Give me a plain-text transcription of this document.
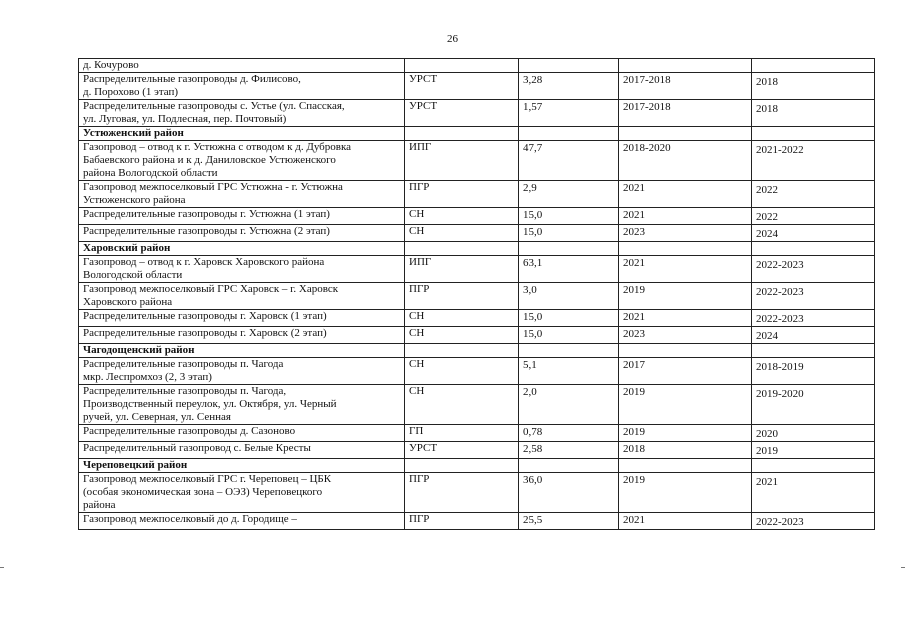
26
д. Кочурово				
Распределительные газопроводы д. Филисово,
д. Порохово (1 этап)	УРСТ	3,28	2017-2018	2018
Распределительные газопроводы с. Устье (ул. Спасская,
ул. Луговая, ул. Подлесная, пер. Почтовый)	УРСТ	1,57	2017-2018	2018
Устюженский район				
Газопровод – отвод к г. Устюжна с отводом к д. Дубровка
Бабаевского района и к д. Даниловское Устюженского
района Вологодской области	ИПГ	47,7	2018-2020	2021-2022
Газопровод межпоселковый ГРС Устюжна - г. Устюжна
Устюженского района	ПГР	2,9	2021	2022
Распределительные газопроводы г. Устюжна (1 этап)	СН	15,0	2021	2022
Распределительные газопроводы г. Устюжна (2 этап)	СН	15,0	2023	2024
Харовский район				
Газопровод – отвод к г. Харовск Харовского района
Вологодской области	ИПГ	63,1	2021	2022-2023
Газопровод межпоселковый ГРС Харовск – г. Харовск
Харовского района	ПГР	3,0	2019	2022-2023
Распределительные газопроводы г. Харовск (1 этап)	СН	15,0	2021	2022-2023
Распределительные газопроводы г. Харовск (2 этап)	СН	15,0	2023	2024
Чагодощенский район				
Распределительные газопроводы п. Чагода
мкр. Леспромхоз (2, 3 этап)	СН	5,1	2017	2018-2019
Распределительные газопроводы п. Чагода,
Производственный переулок, ул. Октября, ул. Черный
ручей, ул. Северная, ул. Сенная	СН	2,0	2019	2019-2020
Распределительные газопроводы д. Сазоново	ГП	0,78	2019	2020
Распределительный газопровод с. Белые Кресты	УРСТ	2,58	2018	2019
Череповецкий район				
Газопровод межпоселковый ГРС г. Череповец – ЦБК
(особая экономическая зона – ОЭЗ) Череповецкого
района	ПГР	36,0	2019	2021
Газопровод межпоселковый до д. Городище –	ПГР	25,5	2021	2022-2023
